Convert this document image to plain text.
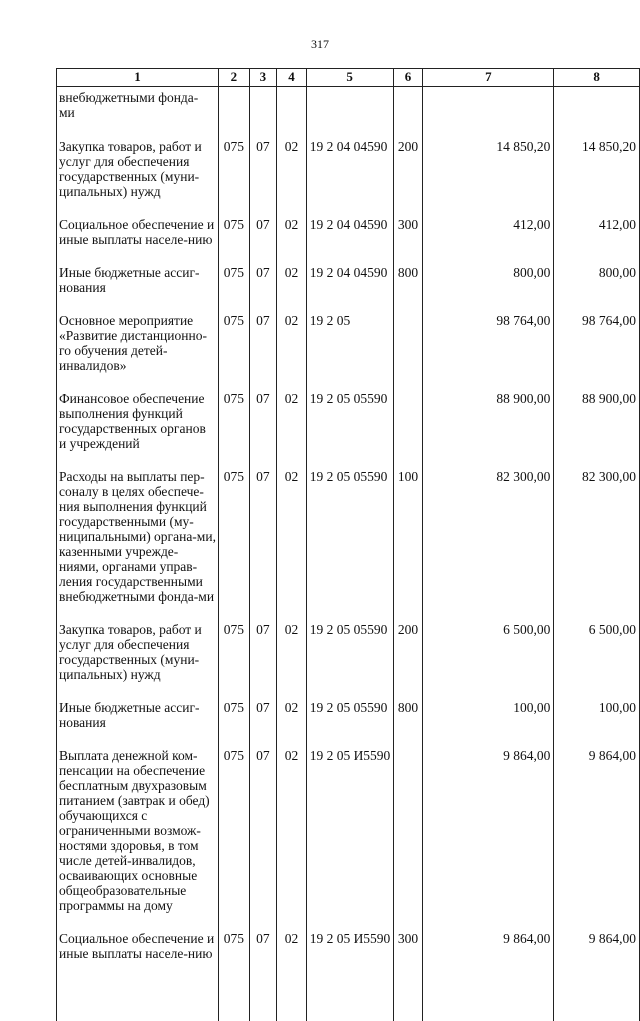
317
1	2	3	4	5	6	7	8
внебюджетными фонда-
ми							
Закупка товаров, работ и услуг для обеспечения государственных (муни-ципальных) нужд	075	07	02	19 2 04 04590	200	14 850,20	14 850,20
Социальное обеспечение и иные выплаты населе-нию	075	07	02	19 2 04 04590	300	412,00	412,00
Иные бюджетные ассиг-нования	075	07	02	19 2 04 04590	800	800,00	800,00
Основное мероприятие «Развитие дистанционно-го обучения детей-инвалидов»	075	07	02	19 2 05		98 764,00	98 764,00
Финансовое обеспечение выполнения функций государственных органов и учреждений	075	07	02	19 2 05 05590		88 900,00	88 900,00
Расходы на выплаты пер-соналу в целях обеспече-ния выполнения функций государственными (му-ниципальными) органа-ми, казенными учрежде-ниями, органами управ-ления государственными внебюджетными фонда-ми	075	07	02	19 2 05 05590	100	82 300,00	82 300,00
Закупка товаров, работ и услуг для обеспечения государственных (муни-ципальных) нужд	075	07	02	19 2 05 05590	200	6 500,00	6 500,00
Иные бюджетные ассиг-нования	075	07	02	19 2 05 05590	800	100,00	100,00
Выплата денежной ком-пенсации на обеспечение бесплатным двухразовым питанием (завтрак и обед) обучающихся с ограниченными возмож-ностями здоровья, в том числе детей-инвалидов, осваивающих основные общеобразовательные программы на дому	075	07	02	19 2 05 И5590		9 864,00	9 864,00
Социальное обеспечение и иные выплаты населе-нию	075	07	02	19 2 05 И5590	300	9 864,00	9 864,00
